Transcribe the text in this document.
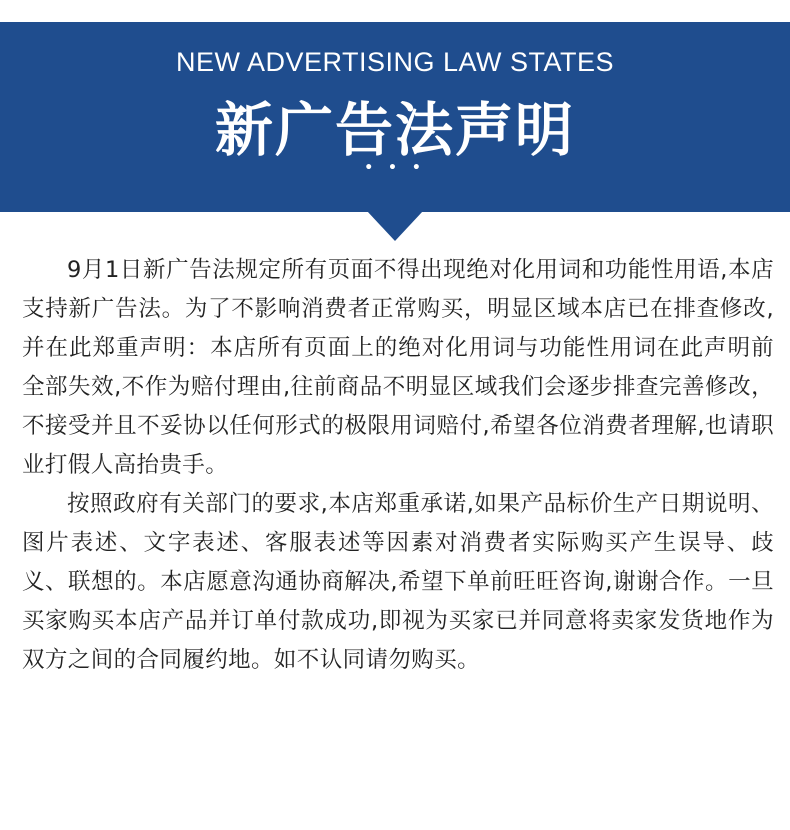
NEW ADVERTISING LAW STATES
新广告法声明
• • •

9月1日新广告法规定所有页面不得出现绝对化用词和功能性用语,本店支持新广告法。为了不影响消费者正常购买，明显区域本店已在排查修改,并在此郑重声明：本店所有页面上的绝对化用词与功能性用词在此声明前全部失效,不作为赔付理由,往前商品不明显区域我们会逐步排查完善修改，不接受并且不妥协以任何形式的极限用词赔付,希望各位消费者理解,也请职业打假人高抬贵手。

按照政府有关部门的要求,本店郑重承诺,如果产品标价生产日期说明、图片表述、文字表述、客服表述等因素对消费者实际购买产生误导、歧义、联想的。本店愿意沟通协商解决,希望下单前旺旺咨询,谢谢合作。一旦买家购买本店产品并订单付款成功,即视为买家已并同意将卖家发货地作为双方之间的合同履约地。如不认同请勿购买。
